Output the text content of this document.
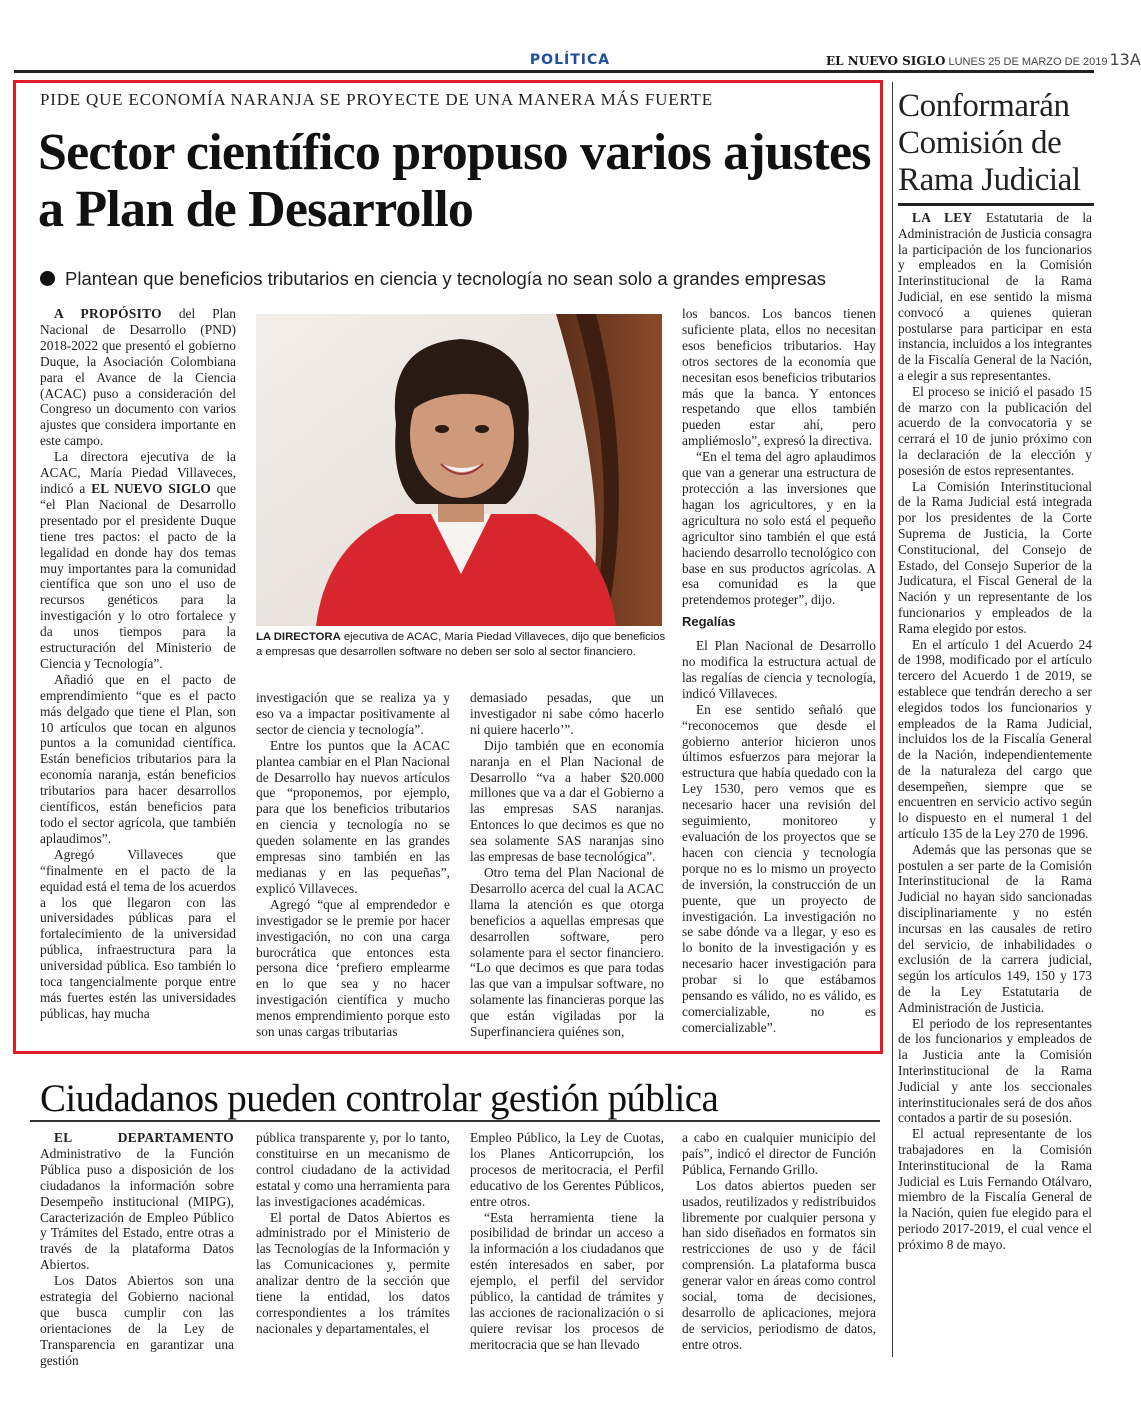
POLÍTICA	EL NUEVO SIGLO LUNES 25 DE MARZO DE 2019 13A
PIDE QUE ECONOMÍA NARANJA SE PROYECTE DE UNA MANERA MÁS FUERTE
Sector científico propuso varios ajustes a Plan de Desarrollo
Plantean que beneficios tributarios en ciencia y tecnología no sean solo a grandes empresas

A PROPÓSITO del Plan Nacional de Desarrollo (PND) 2018-2022 que presentó el gobierno Duque, la Asociación Colombiana para el Avance de la Ciencia (ACAC) puso a consideración del Congreso un documento con varios ajustes que considera importante en este campo.

La directora ejecutiva de la ACAC, María Piedad Villaveces, indicó a EL NUEVO SIGLO que “el Plan Nacional de Desarrollo presentado por el presidente Duque tiene tres pactos: el pacto de la legalidad en donde hay dos temas muy importantes para la comunidad científica que son uno el uso de recursos genéticos para la investigación y lo otro fortalece y da unos tiempos para la estructuración del Ministerio de Ciencia y Tecnología”.

Añadió que en el pacto de emprendimiento “que es el pacto más delgado que tiene el Plan, son 10 artículos que tocan en algunos puntos a la comunidad científica. Están beneficios tributarios para la economía naranja, están beneficios tributarios para hacer desarrollos científicos, están beneficios para todo el sector agrícola, que también aplaudimos”.

Agregó Villaveces que “finalmente en el pacto de la equidad está el tema de los acuerdos a los que llegaron con las universidades públicas para el fortalecimiento de la universidad pública, infraestructura para la universidad pública. Eso también lo toca tangencialmente porque entre más fuertes estén las universidades públicas, hay mucha

LA DIRECTORA ejecutiva de ACAC, María Piedad Villaveces, dijo que beneficios a empresas que desarrollen software no deben ser solo al sector financiero.

investigación que se realiza ya y eso va a impactar positivamente al sector de ciencia y tecnología”.

Entre los puntos que la ACAC plantea cambiar en el Plan Nacional de Desarrollo hay nuevos artículos que “proponemos, por ejemplo, para que los beneficios tributarios en ciencia y tecnología no se queden solamente en las grandes empresas sino también en las medianas y en las pequeñas”, explicó Villaveces.

Agregó “que al emprendedor e investigador se le premie por hacer investigación, no con una carga burocrática que entonces esta persona dice ‘prefiero emplearme en lo que sea y no hacer investigación científica y mucho menos emprendimiento porque esto son unas cargas tributarias

demasiado pesadas, que un investigador ni sabe cómo hacerlo ni quiere hacerlo’”.

Dijo también que en economía naranja en el Plan Nacional de Desarrollo “va a haber $20.000 millones que va a dar el Gobierno a las empresas SAS naranjas. Entonces lo que decimos es que no sea solamente SAS naranjas sino las empresas de base tecnológica”.

Otro tema del Plan Nacional de Desarrollo acerca del cual la ACAC llama la atención es que otorga beneficios a aquellas empresas que desarrollen software, pero solamente para el sector financiero. “Lo que decimos es que para todas las que van a impulsar software, no solamente las financieras porque las que están vigiladas por la Superfinanciera quiénes son,

los bancos. Los bancos tienen suficiente plata, ellos no necesitan esos beneficios tributarios. Hay otros sectores de la economía que necesitan esos beneficios tributarios más que la banca. Y entonces respetando que ellos también pueden estar ahí, pero ampliémoslo”, expresó la directiva.

“En el tema del agro aplaudimos que van a generar una estructura de protección a las inversiones que hagan los agricultores, y en la agricultura no solo está el pequeño agricultor sino también el que está haciendo desarrollo tecnológico con base en sus productos agrícolas. A esa comunidad es la que pretendemos proteger”, dijo.

Regalías

El Plan Nacional de Desarrollo no modifica la estructura actual de las regalías de ciencia y tecnología, indicó Villaveces.

En ese sentido señaló que “reconocemos que desde el gobierno anterior hicieron unos últimos esfuerzos para mejorar la estructura que había quedado con la Ley 1530, pero vemos que es necesario hacer una revisión del seguimiento, monitoreo y evaluación de los proyectos que se hacen con ciencia y tecnología porque no es lo mismo un proyecto de inversión, la construcción de un puente, que un proyecto de investigación. La investigación no se sabe dónde va a llegar, y eso es lo bonito de la investigación y es necesario hacer investigación para probar si lo que estábamos pensando es válido, no es válido, es comercializable, no es comercializable”.

Conformarán Comisión de Rama Judicial

LA LEY Estatutaria de la Administración de Justicia consagra la participación de los funcionarios y empleados en la Comisión Interinstitucional de la Rama Judicial, en ese sentido la misma convocó a quienes quieran postularse para participar en esta instancia, incluidos a los integrantes de la Fiscalía General de la Nación, a elegir a sus representantes.

El proceso se inició el pasado 15 de marzo con la publicación del acuerdo de la convocatoria y se cerrará el 10 de junio próximo con la declaración de la elección y posesión de estos representantes.

La Comisión Interinstitucional de la Rama Judicial está integrada por los presidentes de la Corte Suprema de Justicia, la Corte Constitucional, del Consejo de Estado, del Consejo Superior de la Judicatura, el Fiscal General de la Nación y un representante de los funcionarios y empleados de la Rama elegido por estos.

En el artículo 1 del Acuerdo 24 de 1998, modificado por el artículo tercero del Acuerdo 1 de 2019, se establece que tendrán derecho a ser elegidos todos los funcionarios y empleados de la Rama Judicial, incluidos los de la Fiscalía General de la Nación, independientemente de la naturaleza del cargo que desempeñen, siempre que se encuentren en servicio activo según lo dispuesto en el numeral 1 del artículo 135 de la Ley 270 de 1996.

Además que las personas que se postulen a ser parte de la Comisión Interinstitucional de la Rama Judicial no hayan sido sancionadas disciplinariamente y no estén incursas en las causales de retiro del servicio, de inhabilidades o exclusión de la carrera judicial, según los artículos 149, 150 y 173 de la Ley Estatutaria de Administración de Justicia.

El periodo de los representantes de los funcionarios y empleados de la Justicia ante la Comisión Interinstitucional de la Rama Judicial y ante los seccionales interinstitucionales será de dos años contados a partir de su posesión.

El actual representante de los trabajadores en la Comisión Interinstitucional de la Rama Judicial es Luis Fernando Otálvaro, miembro de la Fiscalía General de la Nación, quien fue elegido para el periodo 2017-2019, el cual vence el próximo 8 de mayo.

Ciudadanos pueden controlar gestión pública

EL DEPARTAMENTO Administrativo de la Función Pública puso a disposición de los ciudadanos la información sobre Desempeño institucional (MIPG), Caracterización de Empleo Público y Trámites del Estado, entre otras a través de la plataforma Datos Abiertos.

Los Datos Abiertos son una estrategia del Gobierno nacional que busca cumplir con las orientaciones de la Ley de Transparencia en garantizar una gestión

pública transparente y, por lo tanto, constituirse en un mecanismo de control ciudadano de la actividad estatal y como una herramienta para las investigaciones académicas.

El portal de Datos Abiertos es administrado por el Ministerio de las Tecnologías de la Información y las Comunicaciones y, permite analizar dentro de la sección que tiene la entidad, los datos correspondientes a los trámites nacionales y departamentales, el

Empleo Público, la Ley de Cuotas, los Planes Anticorrupción, los procesos de meritocracia, el Perfil educativo de los Gerentes Públicos, entre otros.

“Esta herramienta tiene la posibilidad de brindar un acceso a la información a los ciudadanos que estén interesados en saber, por ejemplo, el perfil del servidor público, la cantidad de trámites y las acciones de racionalización o si quiere revisar los procesos de meritocracia que se han llevado

a cabo en cualquier municipio del país”, indicó el director de Función Pública, Fernando Grillo.

Los datos abiertos pueden ser usados, reutilizados y redistribuidos libremente por cualquier persona y han sido diseñados en formatos sin restricciones de uso y de fácil comprensión. La plataforma busca generar valor en áreas como control social, toma de decisiones, desarrollo de aplicaciones, mejora de servicios, periodismo de datos, entre otros.
